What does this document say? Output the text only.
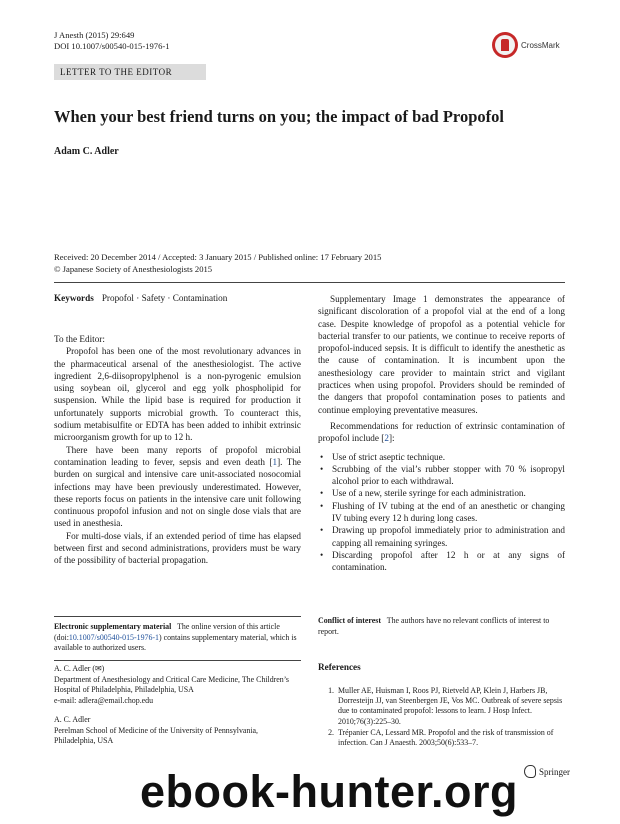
J Anesth (2015) 29:649
DOI 10.1007/s00540-015-1976-1	CrossMark
LETTER TO THE EDITOR
When your best friend turns on you; the impact of bad Propofol
Adam C. Adler
Received: 20 December 2014 / Accepted: 3 January 2015 / Published online: 17 February 2015
© Japanese Society of Anesthesiologists 2015
Keywords Propofol · Safety · Contamination

To the Editor:

Propofol has been one of the most revolutionary advances in the pharmaceutical arsenal of the anesthesiologist. The active ingredient 2,6-diisopropylphenol is a non-pyrogenic emulsion using soybean oil, glycerol and egg yolk phospholipid for suspension. While the lipid base is required for production it unfortunately supports microbial growth. To counteract this, sodium metabisulfite or EDTA has been added to inhibit extrinsic microorganism growth for up to 12 h.

There have been many reports of propofol microbial contamination leading to fever, sepsis and even death [1]. The burden on surgical and intensive care unit-associated nosocomial infections may have been previously underestimated. However, these reports focus on patients in the intensive care unit following continuous propofol infusion and not on single dose vials that are used in anesthesia.

For multi-dose vials, if an extended period of time has elapsed between first and second administrations, providers must be wary of the possibility of bacterial propagation.

Electronic supplementary material The online version of this article (doi:10.1007/s00540-015-1976-1) contains supplementary material, which is available to authorized users.
A. C. Adler (✉)
Department of Anesthesiology and Critical Care Medicine, The Children’s Hospital of Philadelphia, Philadelphia, USA
e-mail: adlera@email.chop.edu
A. C. Adler
Perelman School of Medicine of the University of Pennsylvania, Philadelphia, USA

Supplementary Image 1 demonstrates the appearance of significant discoloration of a propofol vial at the end of a long case. Despite knowledge of propofol as a potential vehicle for bacterial transfer to our patients, we continue to receive reports of propofol-induced sepsis. It is difficult to identify the anesthetic as the cause of contamination. It is incumbent upon the anesthesiology care provider to maintain strict and vigilant practices when using propofol. Providers should be reminded of the dangers that propofol contamination poses to patients and continue employing preventative measures.

Recommendations for reduction of extrinsic contamination of propofol include [2]:

• Use of strict aseptic technique.
• Scrubbing of the vial’s rubber stopper with 70 % isopropyl alcohol prior to each withdrawal.
• Use of a new, sterile syringe for each administration.
• Flushing of IV tubing at the end of an anesthetic or changing IV tubing every 12 h during long cases.
• Drawing up propofol immediately prior to administration and capping all remaining syringes.
• Discarding propofol after 12 h or at any signs of contamination.
Conflict of interest The authors have no relevant conflicts of interest to report.
References
1. Muller AE, Huisman I, Roos PJ, Rietveld AP, Klein J, Harbers JB, Dorresteijn JJ, van Steenbergen JE, Vos MC. Outbreak of severe sepsis due to contaminated propofol: lessons to learn. J Hosp Infect. 2010;76(3):225–30.
2. Trépanier CA, Lessard MR. Propofol and the risk of transmission of infection. Can J Anaesth. 2003;50(6):533–7.
Springer
ebook-hunter.org
